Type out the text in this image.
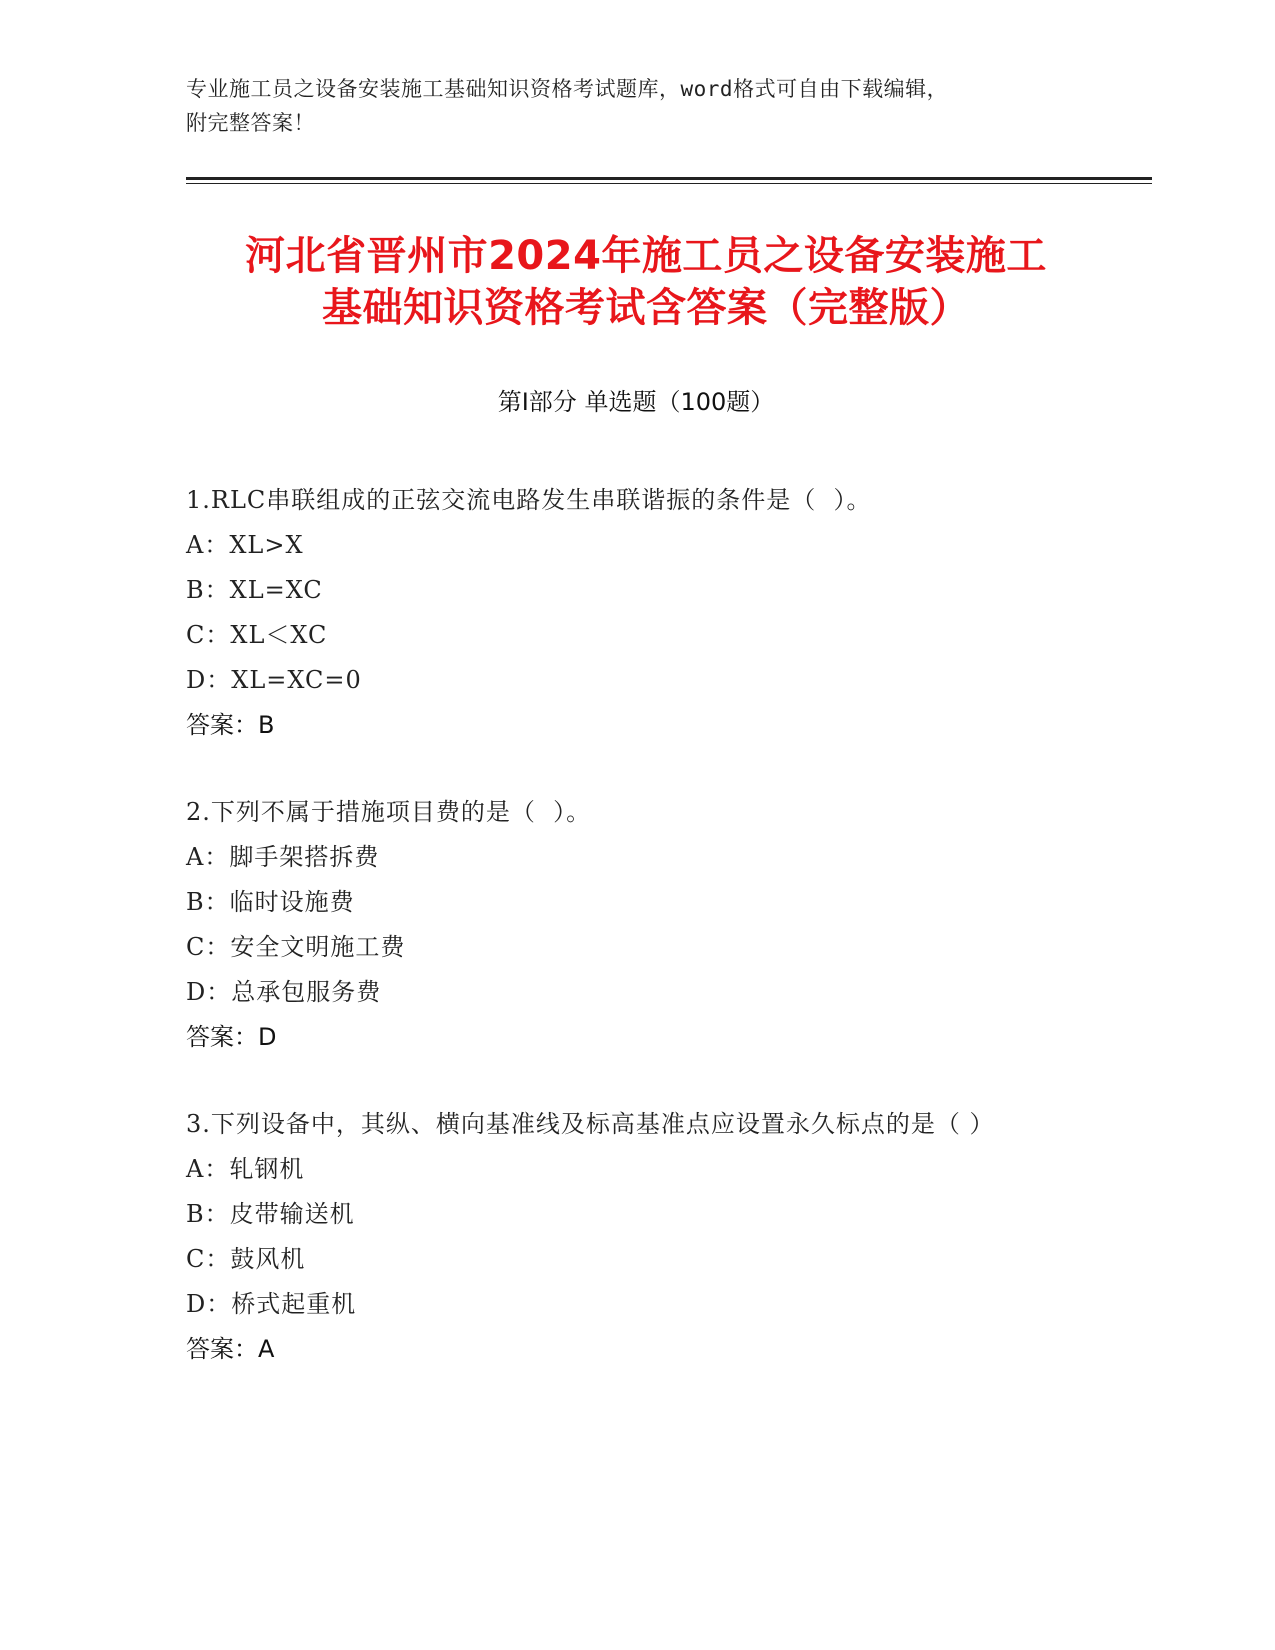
专业施工员之设备安装施工基础知识资格考试题库，word格式可自由下载编辑，
附完整答案！
河北省晋州市2024年施工员之设备安装施工
基础知识资格考试含答案（完整版）
第Ⅰ部分 单选题（100题）
1.RLC串联组成的正弦交流电路发生串联谐振的条件是（  ）。
A：XL>X
B：XL=XC
C：XL＜XC
D：XL=XC=0
答案：B
2.下列不属于措施项目费的是（  ）。
A：脚手架搭拆费
B：临时设施费
C：安全文明施工费
D：总承包服务费
答案：D
3.下列设备中，其纵、横向基准线及标高基准点应设置永久标点的是（ ）
A：轧钢机
B：皮带输送机
C：鼓风机
D：桥式起重机
答案：A
